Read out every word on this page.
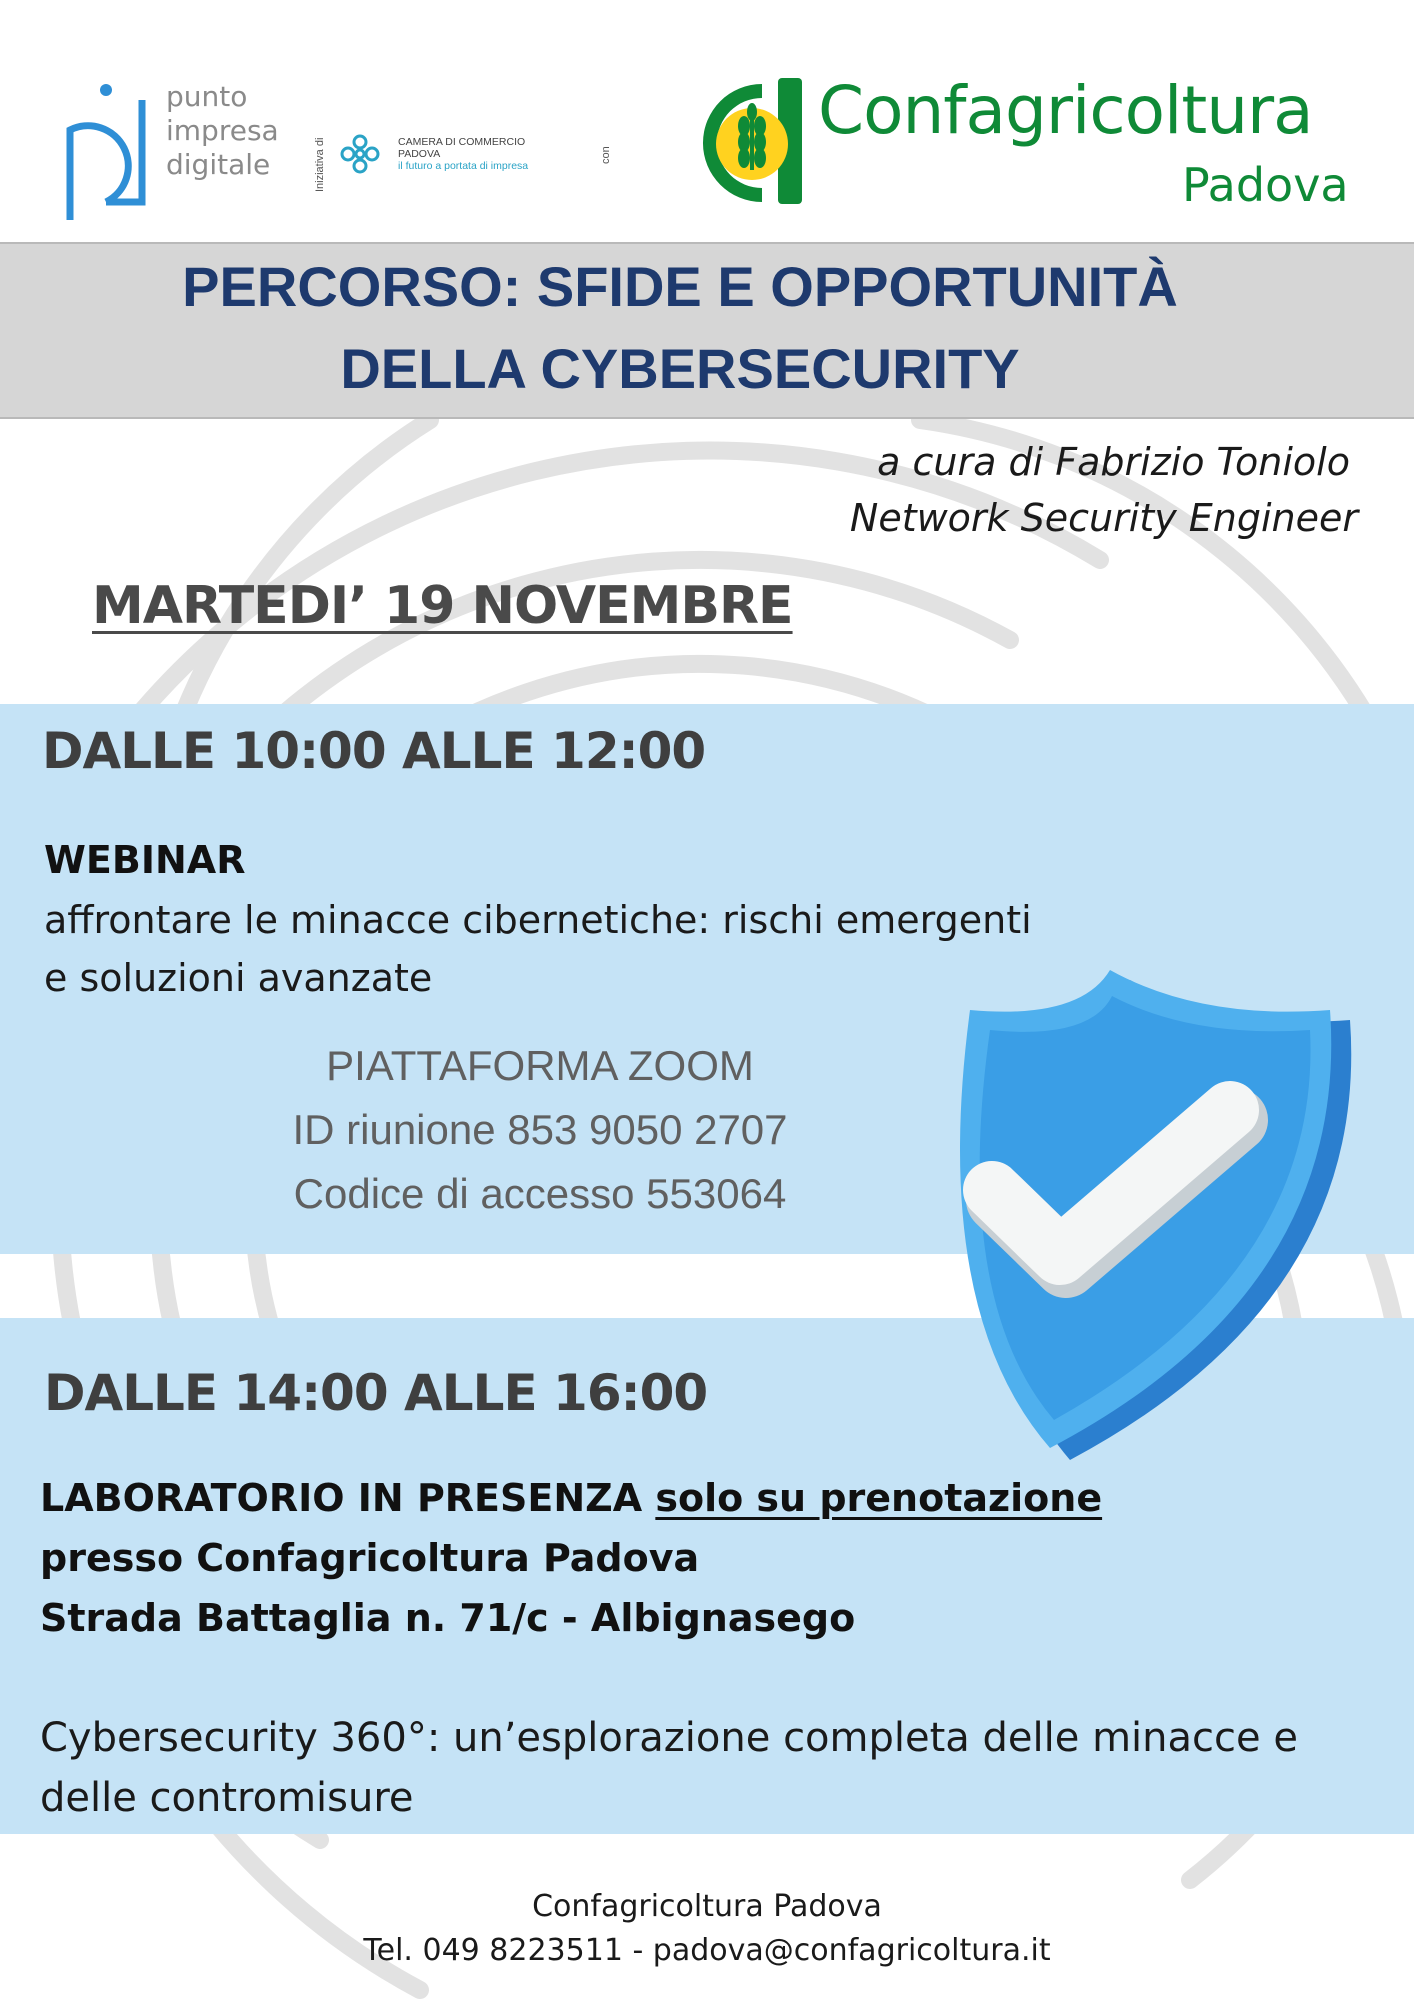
punto
impresa
digitale	Iniziativa di	CAMERA DI COMMERCIO
PADOVA
il futuro a portata di impresa
con
Confagricoltura
Padova
PERCORSO: SFIDE E OPPORTUNITÀ
DELLA CYBERSECURITY
a cura di Fabrizio Toniolo
Network Security Engineer
MARTEDI’ 19 NOVEMBRE
DALLE 10:00 ALLE 12:00
WEBINAR
affrontare le minacce cibernetiche: rischi emergenti
e soluzioni avanzate
PIATTAFORMA ZOOM
ID riunione 853 9050 2707
Codice di accesso 553064
DALLE 14:00 ALLE 16:00
LABORATORIO IN PRESENZA solo su prenotazione
presso Confagricoltura Padova
Strada Battaglia n. 71/c - Albignasego
Cybersecurity 360°: un’esplorazione completa delle minacce e
delle contromisure
Confagricoltura Padova
Tel. 049 8223511 - padova@confagricoltura.it
